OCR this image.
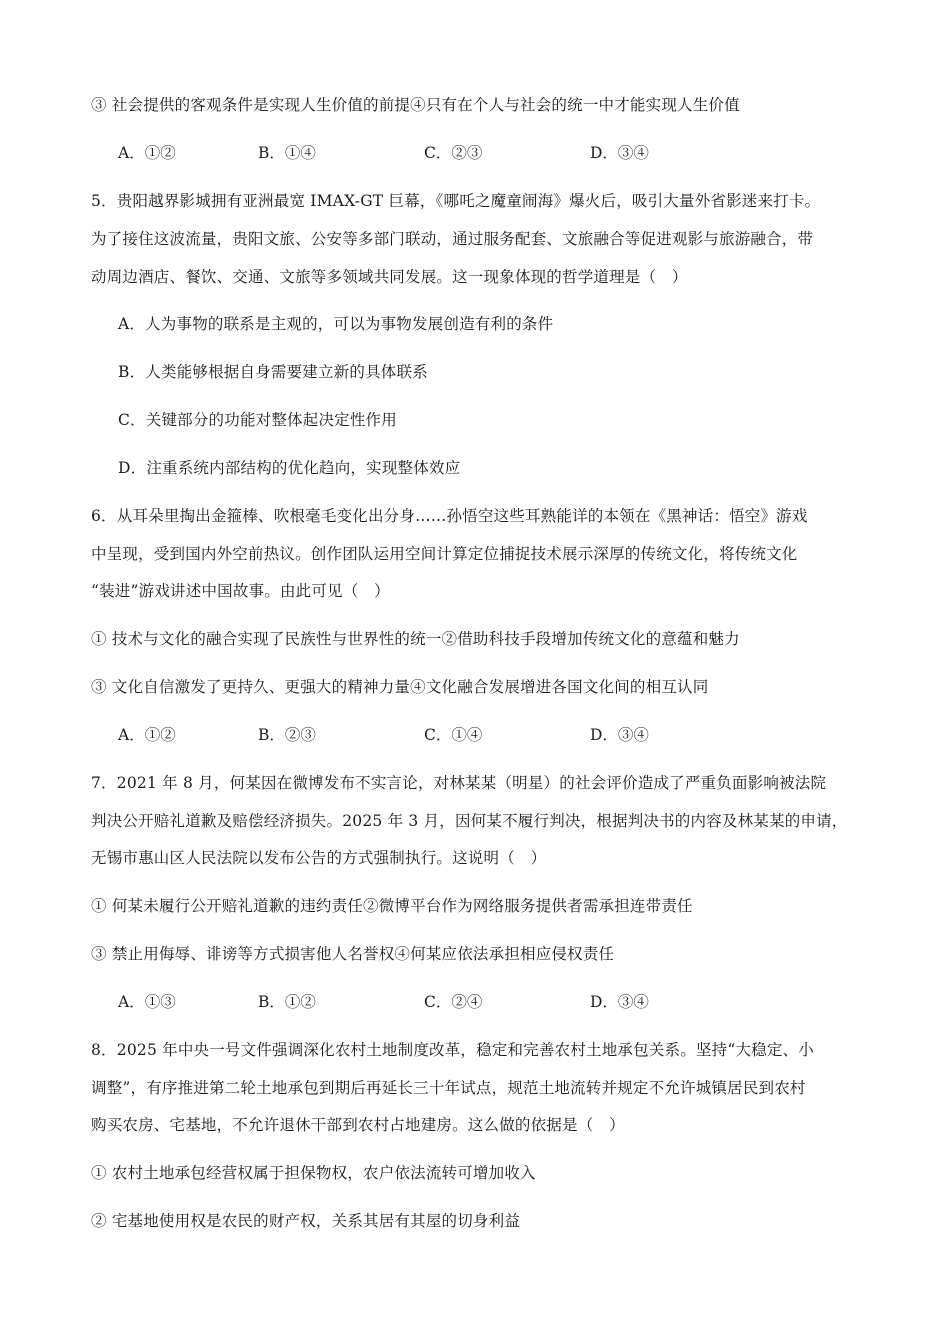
③ 社会提供的客观条件是实现人生价值的前提④只有在个人与社会的统一中才能实现人生价值
A．①②	B．①④	C．②③	D．③④
5．贵阳越界影城拥有亚洲最宽 IMAX-GT 巨幕，《哪吒之魔童闹海》爆火后，吸引大量外省影迷来打卡。
为了接住这波流量，贵阳文旅、公安等多部门联动，通过服务配套、文旅融合等促进观影与旅游融合，带
动周边酒店、餐饮、交通、文旅等多领域共同发展。这一现象体现的哲学道理是（　）
A．人为事物的联系是主观的，可以为事物发展创造有利的条件
B．人类能够根据自身需要建立新的具体联系
C．关键部分的功能对整体起决定性作用
D．注重系统内部结构的优化趋向，实现整体效应
6．从耳朵里掏出金箍棒、吹根毫毛变化出分身……孙悟空这些耳熟能详的本领在《黑神话：悟空》游戏
中呈现，受到国内外空前热议。创作团队运用空间计算定位捕捉技术展示深厚的传统文化，将传统文化
“装进”游戏讲述中国故事。由此可见（　）
① 技术与文化的融合实现了民族性与世界性的统一②借助科技手段增加传统文化的意蕴和魅力
③ 文化自信激发了更持久、更强大的精神力量④文化融合发展增进各国文化间的相互认同
A．①②	B．②③	C．①④	D．③④
7．2021 年 8 月，何某因在微博发布不实言论，对林某某（明星）的社会评价造成了严重负面影响被法院
判决公开赔礼道歉及赔偿经济损失。2025 年 3 月，因何某不履行判决，根据判决书的内容及林某某的申请，
无锡市惠山区人民法院以发布公告的方式强制执行。这说明（　）
① 何某未履行公开赔礼道歉的违约责任②微博平台作为网络服务提供者需承担连带责任
③ 禁止用侮辱、诽谤等方式损害他人名誉权④何某应依法承担相应侵权责任
A．①③	B．①②	C．②④	D．③④
8．2025 年中央一号文件强调深化农村土地制度改革，稳定和完善农村土地承包关系。坚持“大稳定、小
调整”，有序推进第二轮土地承包到期后再延长三十年试点，规范土地流转并规定不允许城镇居民到农村
购买农房、宅基地，不允许退休干部到农村占地建房。这么做的依据是（　）
① 农村土地承包经营权属于担保物权，农户依法流转可增加收入
② 宅基地使用权是农民的财产权，关系其居有其屋的切身利益
